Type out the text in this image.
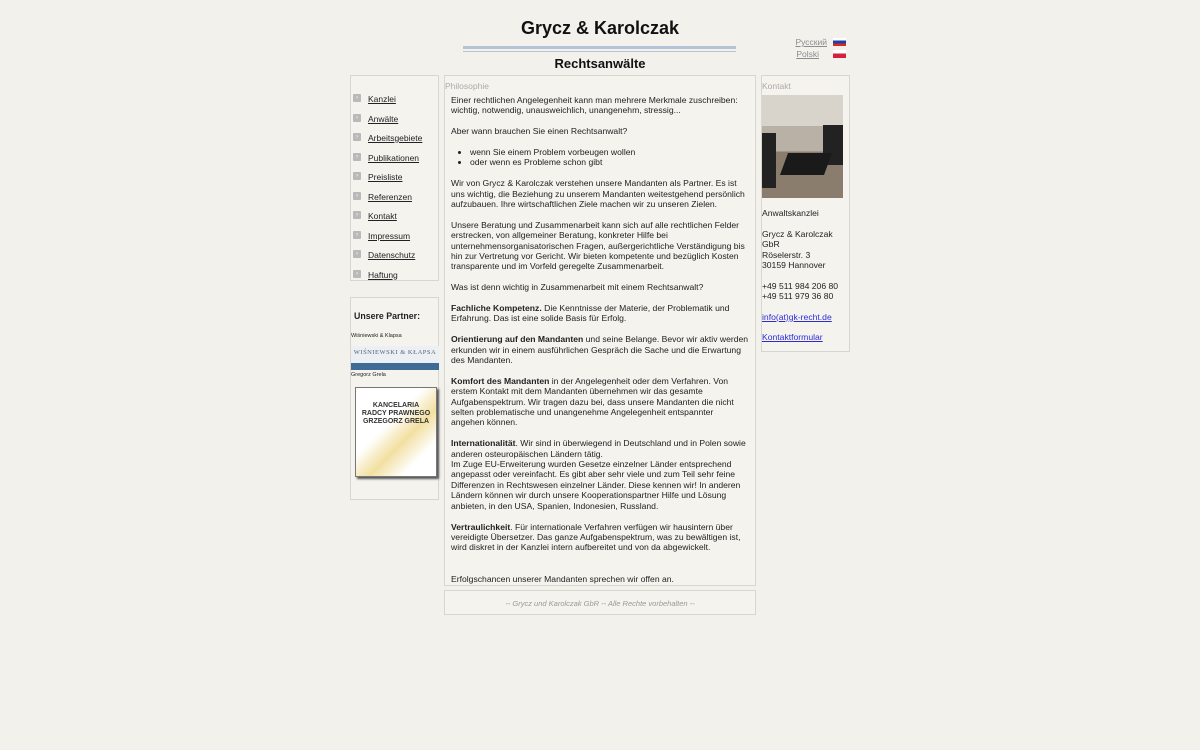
Grycz & Karolczak
Rechtsanwälte
Русский
Polski
›	Kanzlei
›	Anwälte
›	Arbeitsgebiete
›	Publikationen
›	Preisliste
›	Referenzen
›	Kontakt
›	Impressum
›	Datenschutz
›	Haftung
Unsere Partner:
Wiśniewski & Klapsa
WIŚNIEWSKI & KŁAPSA
Gregorz Grela
KANCELARIA RADCY PRAWNEGO GRZEGORZ GRELA
Philosophie

Einer rechtlichen Angelegenheit kann man mehrere Merkmale zuschreiben: wichtig, notwendig, unausweichlich, unangenehm, stressig...

Aber wann brauchen Sie einen Rechtsanwalt?

• wenn Sie einem Problem vorbeugen wollen
• oder wenn es Probleme schon gibt

Wir von Grycz & Karolczak verstehen unsere Mandanten als Partner. Es ist uns wichtig, die Beziehung zu unserem Mandanten weitestgehend persönlich aufzubauen. Ihre wirtschaftlichen Ziele machen wir zu unseren Zielen.

Unsere Beratung und Zusammenarbeit kann sich auf alle rechtlichen Felder erstrecken, von allgemeiner Beratung, konkreter Hilfe bei unternehmensorganisatorischen Fragen, außergerichtliche Verständigung bis hin zur Vertretung vor Gericht. Wir bieten kompetente und bezüglich Kosten transparente und im Vorfeld geregelte Zusammenarbeit.

Was ist denn wichtig in Zusammenarbeit mit einem Rechtsanwalt?

Fachliche Kompetenz. Die Kenntnisse der Materie, der Problematik und Erfahrung. Das ist eine solide Basis für Erfolg.

Orientierung auf den Mandanten und seine Belange. Bevor wir aktiv werden erkunden wir in einem ausführlichen Gespräch die Sache und die Erwartung des Mandanten.

Komfort des Mandanten in der Angelegenheit oder dem Verfahren. Von erstem Kontakt mit dem Mandanten übernehmen wir das gesamte Aufgabenspektrum. Wir tragen dazu bei, dass unsere Mandanten die nicht selten problematische und unangenehme Angelegenheit entspannter angehen können.

Internationalität. Wir sind in überwiegend in Deutschland und in Polen sowie anderen osteuropäischen Ländern tätig.
Im Zuge EU-Erweiterung wurden Gesetze einzelner Länder entsprechend angepasst oder vereinfacht. Es gibt aber sehr viele und zum Teil sehr feine Differenzen in Rechtswesen einzelner Länder. Diese kennen wir! In anderen Ländern können wir durch unsere Kooperationspartner Hilfe und Lösung anbieten, in den USA, Spanien, Indonesien, Russland.

Vertraulichkeit. Für internationale Verfahren verfügen wir hausintern über vereidigte Übersetzer. Das ganze Aufgabenspektrum, was zu bewältigen ist, wird diskret in der Kanzlei intern aufbereitet und von da abgewickelt.

Erfolgschancen unserer Mandanten sprechen wir offen an.

-- Grycz und Karolczak GbR -- Alle Rechte vorbehalten --
Kontakt
Anwaltskanzlei
Grycz & Karolczak
GbR
Röselerstr. 3
30159 Hannover
+49 511 984 206 80
+49 511 979 36 80
info(at)gk-recht.de
Kontaktformular
